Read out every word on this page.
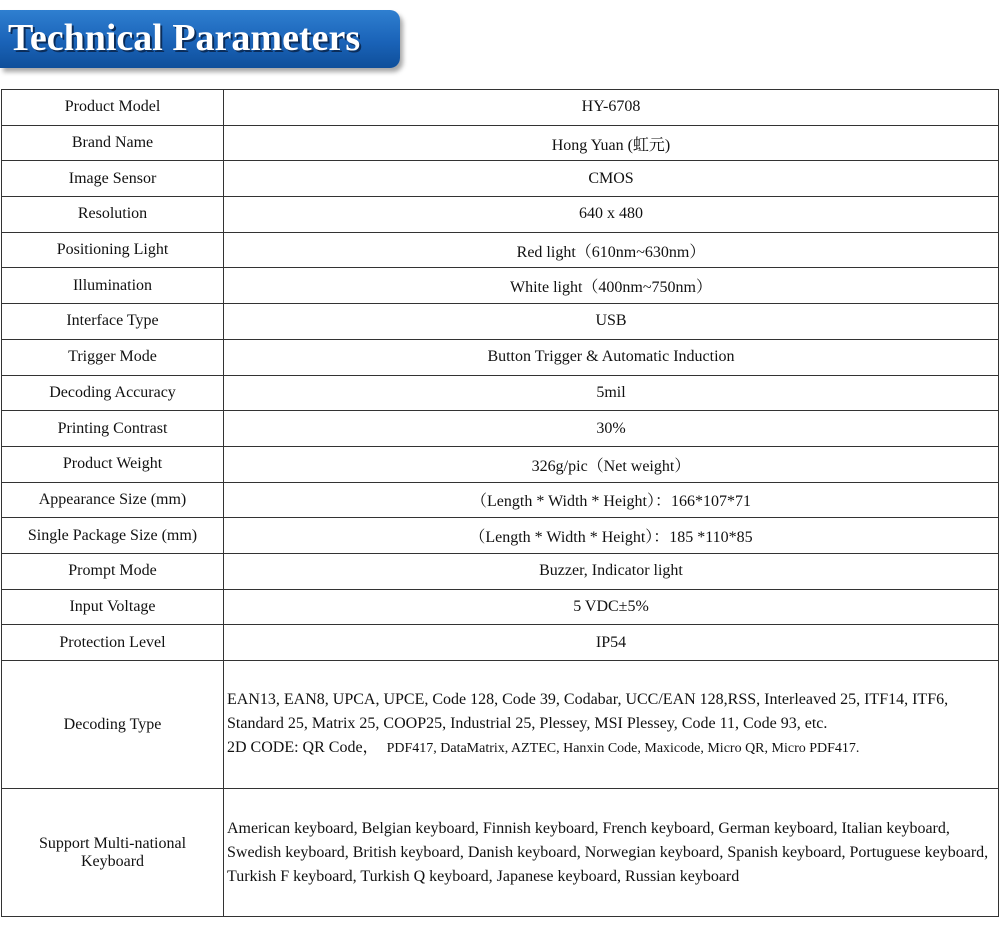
Technical Parameters
Product Model	HY-6708
Brand Name	Hong Yuan (虹元)
Image Sensor	CMOS
Resolution	640 x 480
Positioning Light	Red light（610nm~630nm）
Illumination	White light（400nm~750nm）
Interface Type	USB
Trigger Mode	Button Trigger & Automatic Induction
Decoding Accuracy	5mil
Printing Contrast	30%
Product Weight	326g/pic（Net weight）
Appearance Size (mm)	（Length * Width * Height）：166*107*71
Single Package Size (mm)	（Length * Width * Height）：185 *110*85
Prompt Mode	Buzzer, Indicator light
Input Voltage	5 VDC±5%
Protection Level	IP54
Decoding Type	EAN13, EAN8, UPCA, UPCE, Code 128, Code 39, Codabar, UCC/EAN 128,RSS, Interleaved 25, ITF14, ITF6, Standard 25, Matrix 25, COOP25, Industrial 25, Plessey, MSI Plessey, Code 11, Code 93, etc.
2D CODE: QR Code， PDF417, DataMatrix, AZTEC, Hanxin Code, Maxicode, Micro QR, Micro PDF417.

Support Multi-national
Keyboard	American keyboard, Belgian keyboard, Finnish keyboard, French keyboard, German keyboard, Italian keyboard, Swedish keyboard, British keyboard, Danish keyboard, Norwegian keyboard, Spanish keyboard, Portuguese keyboard, Turkish F keyboard, Turkish Q keyboard, Japanese keyboard, Russian keyboard
